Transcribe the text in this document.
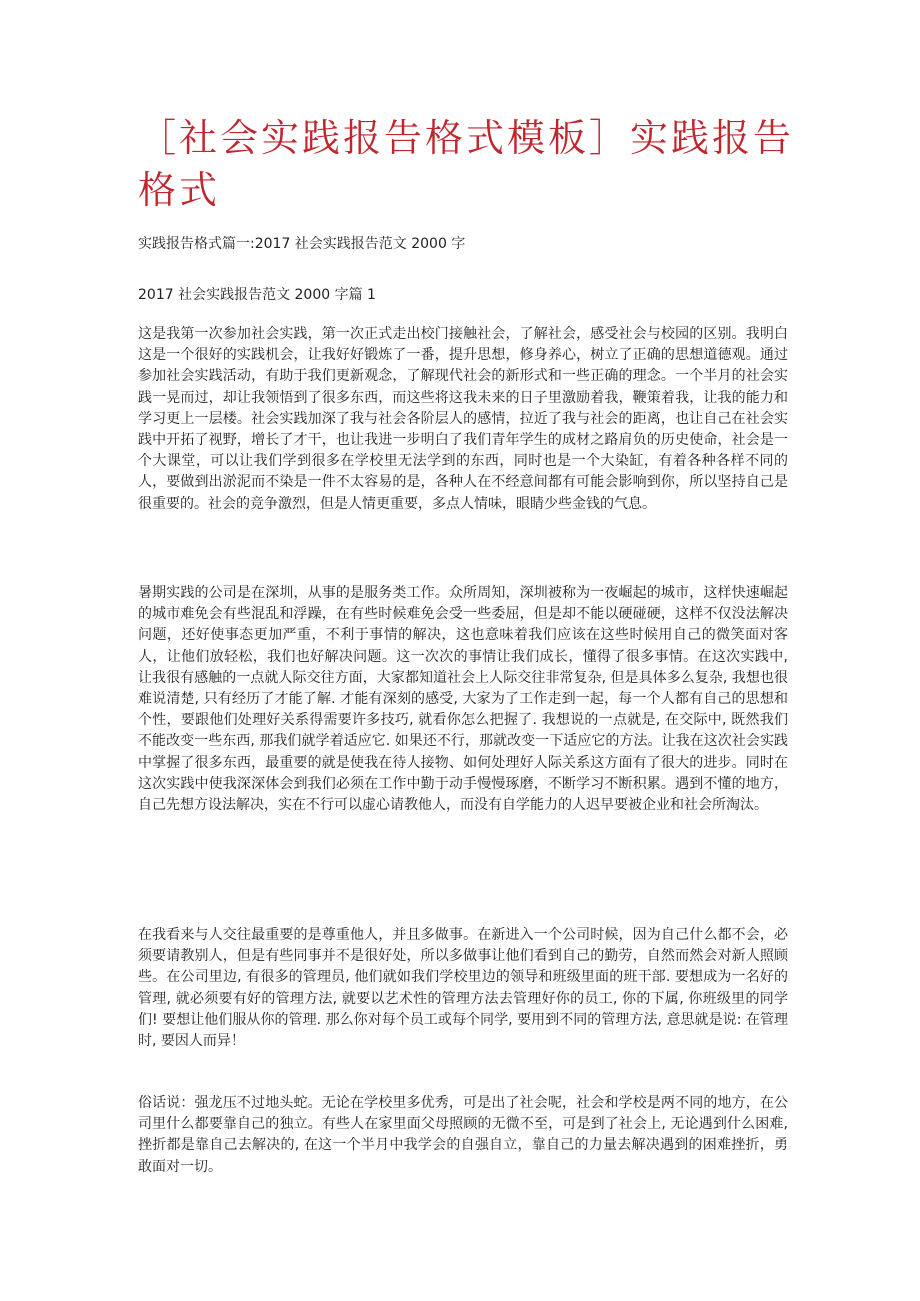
［社会实践报告格式模板］实践报告格式

实践报告格式篇一:2017 社会实践报告范文 2000 字

2017 社会实践报告范文 2000 字篇 1

这是我第一次参加社会实践，第一次正式走出校门接触社会，了解社会，感受社会与校园的区别。我明白这是一个很好的实践机会，让我好好锻炼了一番，提升思想，修身养心，树立了正确的思想道德观。通过参加社会实践活动，有助于我们更新观念，了解现代社会的新形式和一些正确的理念。一个半月的社会实践一晃而过，却让我领悟到了很多东西，而这些将这我未来的日子里激励着我，鞭策着我，让我的能力和学习更上一层楼。社会实践加深了我与社会各阶层人的感情，拉近了我与社会的距离，也让自己在社会实践中开拓了视野，增长了才干，也让我进一步明白了我们青年学生的成材之路肩负的历史使命，社会是一个大课堂，可以让我们学到很多在学校里无法学到的东西，同时也是一个大染缸，有着各种各样不同的人，要做到出淤泥而不染是一件不太容易的是，各种人在不经意间都有可能会影响到你，所以坚持自己是很重要的。社会的竞争激烈，但是人情更重要，多点人情味，眼睛少些金钱的气息。

暑期实践的公司是在深圳，从事的是服务类工作。众所周知，深圳被称为一夜崛起的城市，这样快速崛起的城市难免会有些混乱和浮躁，在有些时候难免会受一些委屈，但是却不能以硬碰硬，这样不仅没法解决问题，还好使事态更加严重，不利于事情的解决，这也意味着我们应该在这些时候用自己的微笑面对客人，让他们放轻松，我们也好解决问题。这一次次的事情让我们成长，懂得了很多事情。在这次实践中, 让我很有感触的一点就人际交往方面，大家都知道社会上人际交往非常复杂, 但是具体多么复杂, 我想也很难说清楚, 只有经历了才能了解. 才能有深刻的感受, 大家为了工作走到一起，每一个人都有自己的思想和个性，要跟他们处理好关系得需要许多技巧, 就看你怎么把握了. 我想说的一点就是, 在交际中, 既然我们不能改变一些东西, 那我们就学着适应它. 如果还不行，那就改变一下适应它的方法。让我在这次社会实践中掌握了很多东西，最重要的就是使我在待人接物、如何处理好人际关系这方面有了很大的进步。同时在这次实践中使我深深体会到我们必须在工作中勤于动手慢慢琢磨，不断学习不断积累。遇到不懂的地方，自己先想方设法解决，实在不行可以虚心请教他人，而没有自学能力的人迟早要被企业和社会所淘汰。

在我看来与人交往最重要的是尊重他人，并且多做事。在新进入一个公司时候，因为自己什么都不会，必须要请教别人，但是有些同事并不是很好处，所以多做事让他们看到自己的勤劳，自然而然会对新人照顾些。在公司里边, 有很多的管理员, 他们就如我们学校里边的领导和班级里面的班干部. 要想成为一名好的管理, 就必须要有好的管理方法, 就要以艺术性的管理方法去管理好你的员工, 你的下属, 你班级里的同学们! 要想让他们服从你的管理. 那么你对每个员工或每个同学, 要用到不同的管理方法, 意思就是说: 在管理时, 要因人而异！

俗话说：强龙压不过地头蛇。无论在学校里多优秀，可是出了社会呢，社会和学校是两不同的地方，在公司里什么都要靠自己的独立。有些人在家里面父母照顾的无微不至，可是到了社会上, 无论遇到什么困难, 挫折都是靠自己去解决的, 在这一个半月中我学会的自强自立，靠自己的力量去解决遇到的困难挫折，勇敢面对一切。
